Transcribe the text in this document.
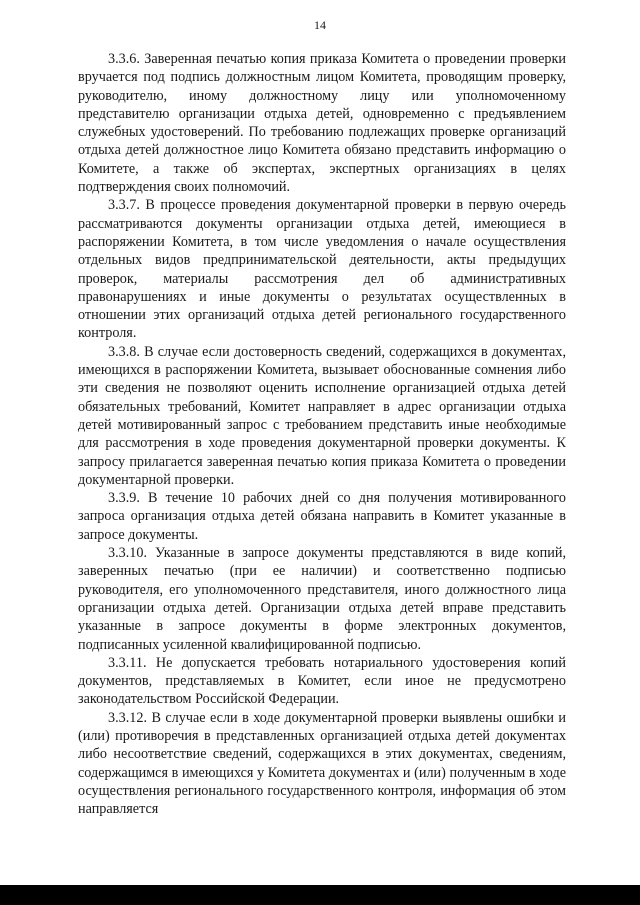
14

3.3.6. Заверенная печатью копия приказа Комитета о проведении проверки вручается под подпись должностным лицом Комитета, проводящим проверку, руководителю, иному должностному лицу или уполномоченному представителю организации отдыха детей, одновременно с предъявлением служебных удостоверений. По требованию подлежащих проверке организаций отдыха детей должностное лицо Комитета обязано представить информацию о Комитете, а также об экспертах, экспертных организациях в целях подтверждения своих полномочий.

3.3.7. В процессе проведения документарной проверки в первую очередь рассматриваются документы организации отдыха детей, имеющиеся в распоряжении Комитета, в том числе уведомления о начале осуществления отдельных видов предпринимательской деятельности, акты предыдущих проверок, материалы рассмотрения дел об административных правонарушениях и иные документы о результатах осуществленных в отношении этих организаций отдыха детей регионального государственного контроля.

3.3.8. В случае если достоверность сведений, содержащихся в документах, имеющихся в распоряжении Комитета, вызывает обоснованные сомнения либо эти сведения не позволяют оценить исполнение организацией отдыха детей обязательных требований, Комитет направляет в адрес организации отдыха детей мотивированный запрос с требованием представить иные необходимые для рассмотрения в ходе проведения документарной проверки документы. К запросу прилагается заверенная печатью копия приказа Комитета о проведении документарной проверки.

3.3.9. В течение 10 рабочих дней со дня получения мотивированного запроса организация отдыха детей обязана направить в Комитет указанные в запросе документы.

3.3.10. Указанные в запросе документы представляются в виде копий, заверенных печатью (при ее наличии) и соответственно подписью руководителя, его уполномоченного представителя, иного должностного лица организации отдыха детей. Организации отдыха детей вправе представить указанные в запросе документы в форме электронных документов, подписанных усиленной квалифицированной подписью.

3.3.11. Не допускается требовать нотариального удостоверения копий документов, представляемых в Комитет, если иное не предусмотрено законодательством Российской Федерации.

3.3.12. В случае если в ходе документарной проверки выявлены ошибки и (или) противоречия в представленных организацией отдыха детей документах либо несоответствие сведений, содержащихся в этих документах, сведениям, содержащимся в имеющихся у Комитета документах и (или) полученным в ходе осуществления регионального государственного контроля, информация об этом направляется
